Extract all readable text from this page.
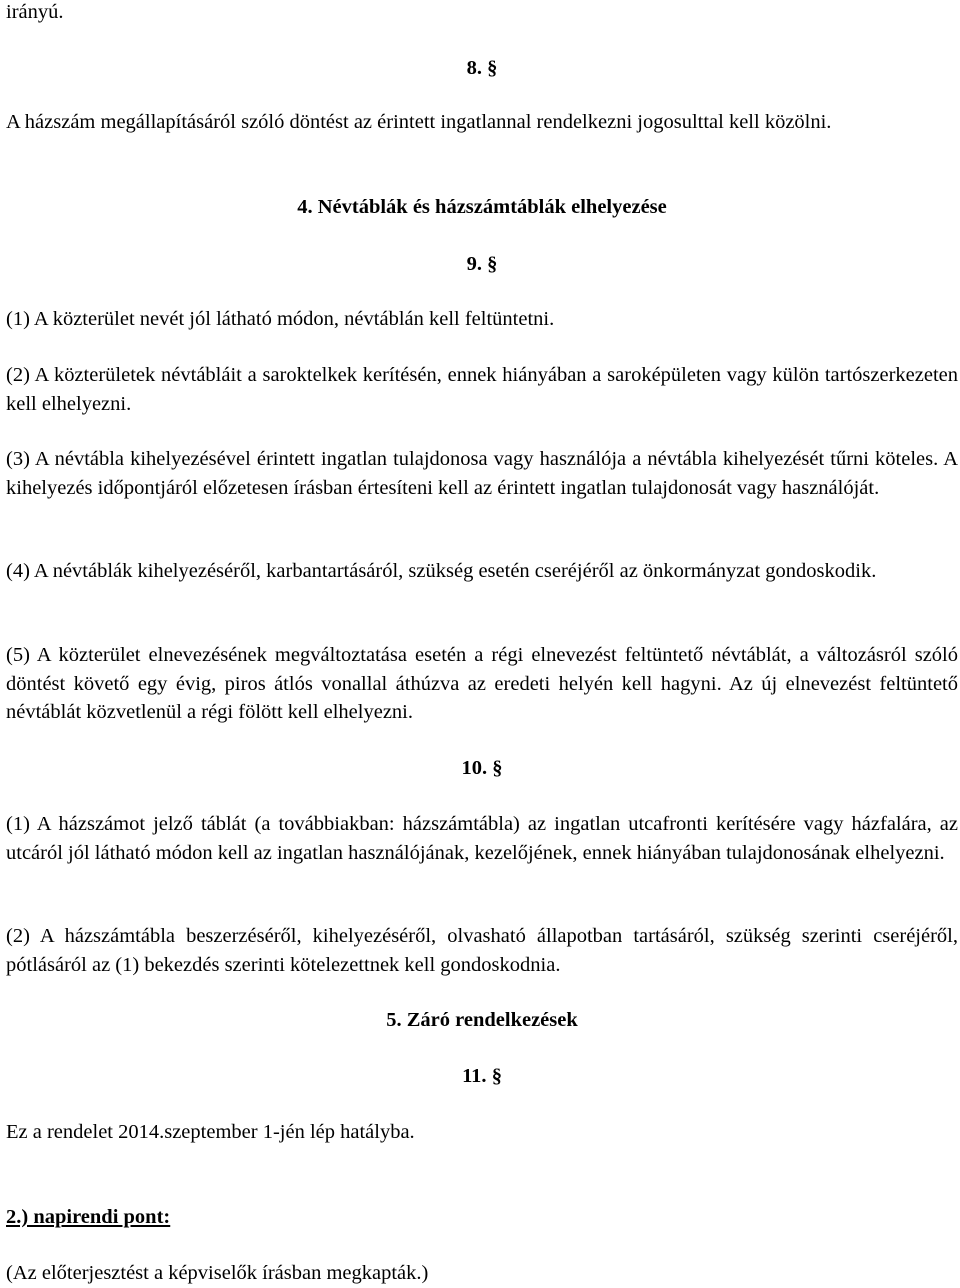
irányú.
8. §
A házszám megállapításáról szóló döntést az érintett ingatlannal rendelkezni jogosulttal kell közölni.
4. Névtáblák és házszámtáblák elhelyezése
9. §
(1) A közterület nevét jól látható módon, névtáblán kell feltüntetni.
(2) A közterületek névtábláit a saroktelkek kerítésén, ennek hiányában a saroképületen vagy külön tartószerkezeten kell elhelyezni.
(3) A névtábla kihelyezésével érintett ingatlan tulajdonosa vagy használója a névtábla kihelyezését tűrni köteles. A kihelyezés időpontjáról előzetesen írásban értesíteni kell az érintett ingatlan tulajdonosát vagy használóját.
(4) A névtáblák kihelyezéséről, karbantartásáról, szükség esetén cseréjéről az önkormányzat gondoskodik.
(5) A közterület elnevezésének megváltoztatása esetén a régi elnevezést feltüntető névtáblát, a változásról szóló döntést követő egy évig, piros átlós vonallal áthúzva az eredeti helyén kell hagyni. Az új elnevezést feltüntető névtáblát közvetlenül a régi fölött kell elhelyezni.
10. §
(1) A házszámot jelző táblát (a továbbiakban: házszámtábla) az ingatlan utcafronti kerítésére vagy házfalára, az utcáról jól látható módon kell az ingatlan használójának, kezelőjének, ennek hiányában tulajdonosának elhelyezni.
(2) A házszámtábla beszerzéséről, kihelyezéséről, olvasható állapotban tartásáról, szükség szerinti cseréjéről, pótlásáról az (1) bekezdés szerinti kötelezettnek kell gondoskodnia.
5. Záró rendelkezések
11. §
Ez a rendelet 2014.szeptember 1-jén lép hatályba.
2.) napirendi pont:
(Az előterjesztést a képviselők írásban megkapták.)
